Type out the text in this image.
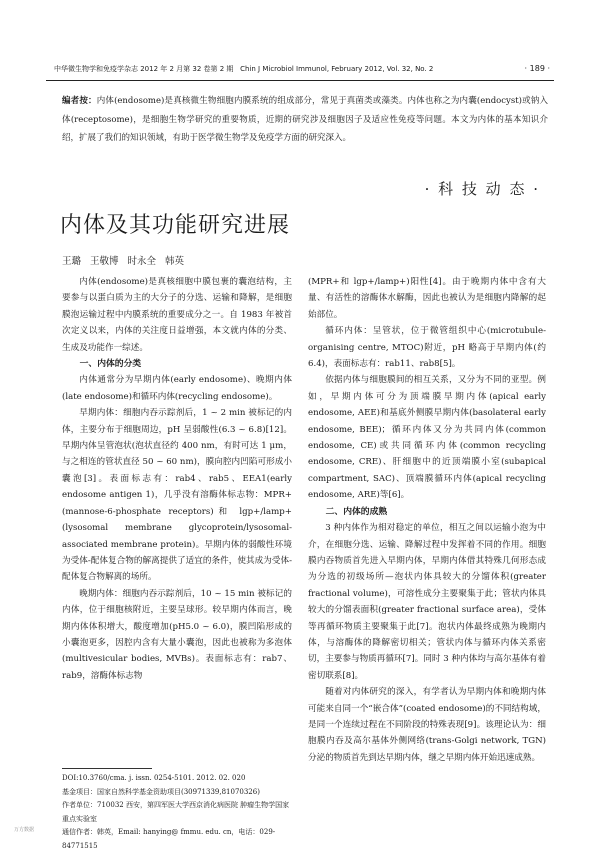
中华微生物学和免疫学杂志 2012 年 2 月第 32 卷第 2 期 Chin J Microbiol Immunol, February 2012, Vol. 32, No. 2	· 189 ·
编者按：内体(endosome)是真核微生物细胞内膜系统的组成部分，常见于真菌类或藻类。内体也称之为内囊(endocyst)或钠入体(receptosome)，是细胞生物学研究的重要物质，近期的研究涉及细胞因子及适应性免疫等问题。本文为内体的基本知识介绍，扩展了我们的知识领域，有助于医学微生物学及免疫学方面的研究深入。
· 科 技 动 态 ·
内体及其功能研究进展
王璐 王敬博 时永全 韩英

内体(endosome)是真核细胞中膜包裹的囊泡结构，主要参与以蛋白质为主的大分子的分选、运输和降解，是细胞膜泡运输过程中内膜系统的重要成分之一。自 1983 年被首次定义以来，内体的关注度日益增强，本文就内体的分类、生成及功能作一综述。

一、内体的分类

内体通常分为早期内体(early endosome)、晚期内体(late endosome)和循环内体(recycling endosome)。

早期内体：细胞内吞示踪剂后，1 ~ 2 min 被标记的内体，主要分布于细胞周边，pH 呈弱酸性(6.3 ~ 6.8)[12]。早期内体呈管泡状(泡状直径约 400 nm，有时可达 1 μm，与之相连的管状直径 50 ~ 60 nm)，膜向腔内凹陷可形成小囊泡[3]。表面标志有：rab4、rab5、EEA1(early endosome antigen 1)，几乎没有溶酶体标志物：MPR+(mannose-6-phosphate receptors)和 lgp+/lamp+(lysosomal membrane glycoprotein/lysosomal-associated membrane protein)。早期内体的弱酸性环境为受体-配体复合物的解离提供了适宜的条件，使其成为受体-配体复合物解离的场所。

晚期内体：细胞内吞示踪剂后，10 ~ 15 min 被标记的内体，位于细胞核附近，主要呈球形。较早期内体而言，晚期内体体积增大，酸度增加(pH5.0 ~ 6.0)，膜凹陷形成的小囊泡更多，因腔内含有大量小囊泡，因此也被称为多泡体(multivesicular bodies, MVBs)。表面标志有：rab7、rab9，溶酶体标志物

(MPR+和 lgp+/lamp+)阳性[4]。由于晚期内体中含有大量、有活性的溶酶体水解酶，因此也被认为是细胞内降解的起始部位。

循环内体：呈管状，位于微管组织中心(microtubule-organising centre, MTOC)附近，pH 略高于早期内体(约 6.4)，表面标志有：rab11、rab8[5]。

依据内体与细胞膜间的相互关系，又分为不同的亚型。例如，早期内体可分为顶端膜早期内体(apical early endosome, AEE)和基底外侧膜早期内体(basolateral early endosome, BEE)；循环内体又分为共同内体(common endosome, CE)或共同循环内体(common recycling endosome, CRE)、肝细胞中的近顶端膜小室(subapical compartment, SAC)、顶端膜循环内体(apical recycling endosome, ARE)等[6]。

二、内体的成熟

3 种内体作为相对稳定的单位，相互之间以运输小泡为中介，在细胞分选、运输、降解过程中发挥着不同的作用。细胞膜内吞物质首先进入早期内体，早期内体借其特殊几何形态成为分选的初级场所—泡状内体具较大的分馏体积(greater fractional volume)，可溶性成分主要聚集于此；管状内体具较大的分馏表面积(greater fractional surface area)，受体等再循环物质主要聚集于此[7]。泡状内体最终成熟为晚期内体，与溶酶体的降解密切相关；管状内体与循环内体关系密切，主要参与物质再循环[7]。同时 3 种内体均与高尔基体有着密切联系[8]。

随着对内体研究的深入，有学者认为早期内体和晚期内体可能来自同一个“嵌合体”(coated endosome)的不同结构域，是同一个连续过程在不同阶段的特殊表现[9]。该理论认为：细胞膜内吞及高尔基体外侧网络(trans-Golgi network, TGN)分泌的物质首先到达早期内体，继之早期内体开始迅速成熟。

DOI:10.3760/cma. j. issn. 0254-5101. 2012. 02. 020
基金项目：国家自然科学基金资助项目(30971339,81070326)
作者单位：710032 西安，第四军医大学西京消化病医院 肿瘤生物学国家重点实验室
通信作者：韩英，Email: hanying@ fmmu. edu. cn，电话：029-84771515
万方数据
